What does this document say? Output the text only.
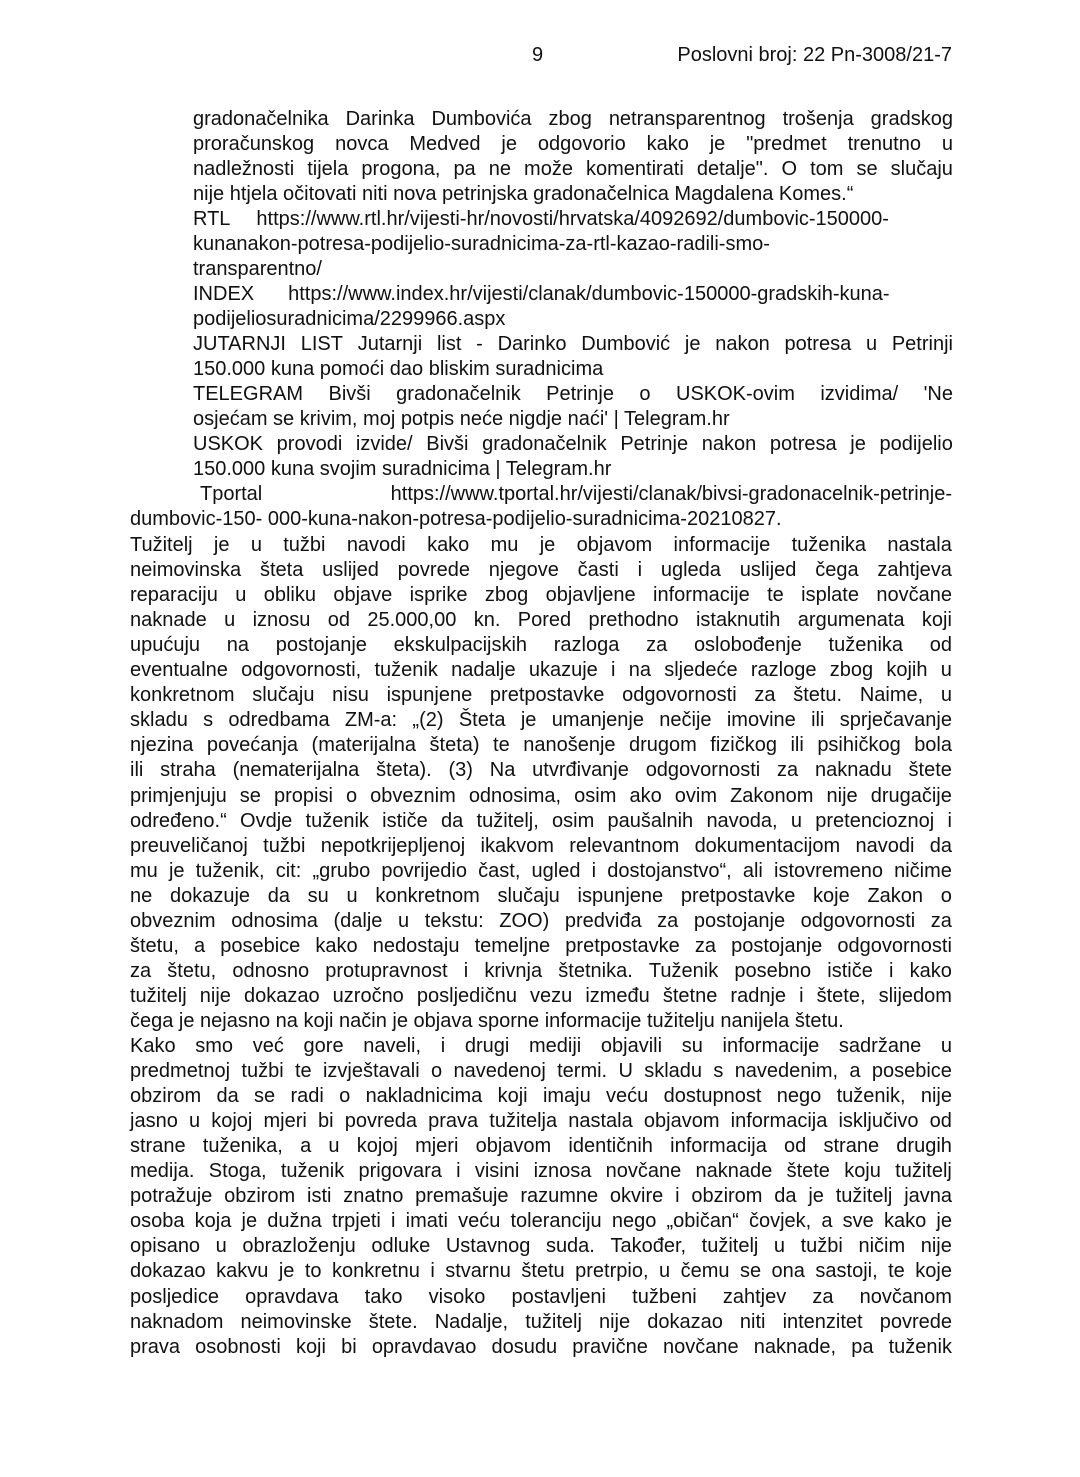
9	Poslovni broj: 22 Pn-3008/21-7
gradonačelnika Darinka Dumbovića zbog netransparentnog trošenja gradskog
proračunskog novca Medved je odgovorio kako je "predmet trenutno u
nadležnosti tijela progona, pa ne može komentirati detalje". O tom se slučaju
nije htjela očitovati niti nova petrinjska gradonačelnica Magdalena Komes.“
RTL https://www.rtl.hr/vijesti-hr/novosti/hrvatska/4092692/dumbovic-150000-
kunanakon-potresa-podijelio-suradnicima-za-rtl-kazao-radili-smo-
transparentno/
INDEX https://www.index.hr/vijesti/clanak/dumbovic-150000-gradskih-kuna-
podijeliosuradnicima/2299966.aspx
JUTARNJI LIST Jutarnji list - Darinko Dumbović je nakon potresa u Petrinji
150.000 kuna pomoći dao bliskim suradnicima
TELEGRAM Bivši gradonačelnik Petrinje o USKOK-ovim izvidima/ 'Ne
osjećam se krivim, moj potpis neće nigdje naći' | Telegram.hr
USKOK provodi izvide/ Bivši gradonačelnik Petrinje nakon potresa je podijelio
150.000 kuna svojim suradnicima | Telegram.hr
Tportal	https://www.tportal.hr/vijesti/clanak/bivsi-gradonacelnik-petrinje-
dumbovic-150- 000-kuna-nakon-potresa-podijelio-suradnicima-20210827.
Tužitelj je u tužbi navodi kako mu je objavom informacije tuženika nastala
neimovinska šteta uslijed povrede njegove časti i ugleda uslijed čega zahtjeva
reparaciju u obliku objave isprike zbog objavljene informacije te isplate novčane
naknade u iznosu od 25.000,00 kn. Pored prethodno istaknutih argumenata koji
upućuju na postojanje ekskulpacijskih razloga za oslobođenje tuženika od
eventualne odgovornosti, tuženik nadalje ukazuje i na sljedeće razloge zbog kojih u
konkretnom slučaju nisu ispunjene pretpostavke odgovornosti za štetu. Naime, u
skladu s odredbama ZM-a: „(2) Šteta je umanjenje nečije imovine ili sprječavanje
njezina povećanja (materijalna šteta) te nanošenje drugom fizičkog ili psihičkog bola
ili straha (nematerijalna šteta). (3) Na utvrđivanje odgovornosti za naknadu štete
primjenjuju se propisi o obveznim odnosima, osim ako ovim Zakonom nije drugačije
određeno.“ Ovdje tuženik ističe da tužitelj, osim paušalnih navoda, u pretencioznoj i
preuveličanoj tužbi nepotkrijepljenoj ikakvom relevantnom dokumentacijom navodi da
mu je tuženik, cit: „grubo povrijedio čast, ugled i dostojanstvo“, ali istovremeno ničime
ne dokazuje da su u konkretnom slučaju ispunjene pretpostavke koje Zakon o
obveznim odnosima (dalje u tekstu: ZOO) predviđa za postojanje odgovornosti za
štetu, a posebice kako nedostaju temeljne pretpostavke za postojanje odgovornosti
za štetu, odnosno protupravnost i krivnja štetnika. Tuženik posebno ističe i kako
tužitelj nije dokazao uzročno posljedičnu vezu između štetne radnje i štete, slijedom
čega je nejasno na koji način je objava sporne informacije tužitelju nanijela štetu.
Kako smo već gore naveli, i drugi mediji objavili su informacije sadržane u
predmetnoj tužbi te izvještavali o navedenoj termi. U skladu s navedenim, a posebice
obzirom da se radi o nakladnicima koji imaju veću dostupnost nego tuženik, nije
jasno u kojoj mjeri bi povreda prava tužitelja nastala objavom informacija isključivo od
strane tuženika, a u kojoj mjeri objavom identičnih informacija od strane drugih
medija. Stoga, tuženik prigovara i visini iznosa novčane naknade štete koju tužitelj
potražuje obzirom isti znatno premašuje razumne okvire i obzirom da je tužitelj javna
osoba koja je dužna trpjeti i imati veću toleranciju nego „običan“ čovjek, a sve kako je
opisano u obrazloženju odluke Ustavnog suda. Također, tužitelj u tužbi ničim nije
dokazao kakvu je to konkretnu i stvarnu štetu pretrpio, u čemu se ona sastoji, te koje
posljedice opravdava tako visoko postavljeni tužbeni zahtjev za novčanom
naknadom neimovinske štete. Nadalje, tužitelj nije dokazao niti intenzitet povrede
prava osobnosti koji bi opravdavao dosudu pravične novčane naknade, pa tuženik
